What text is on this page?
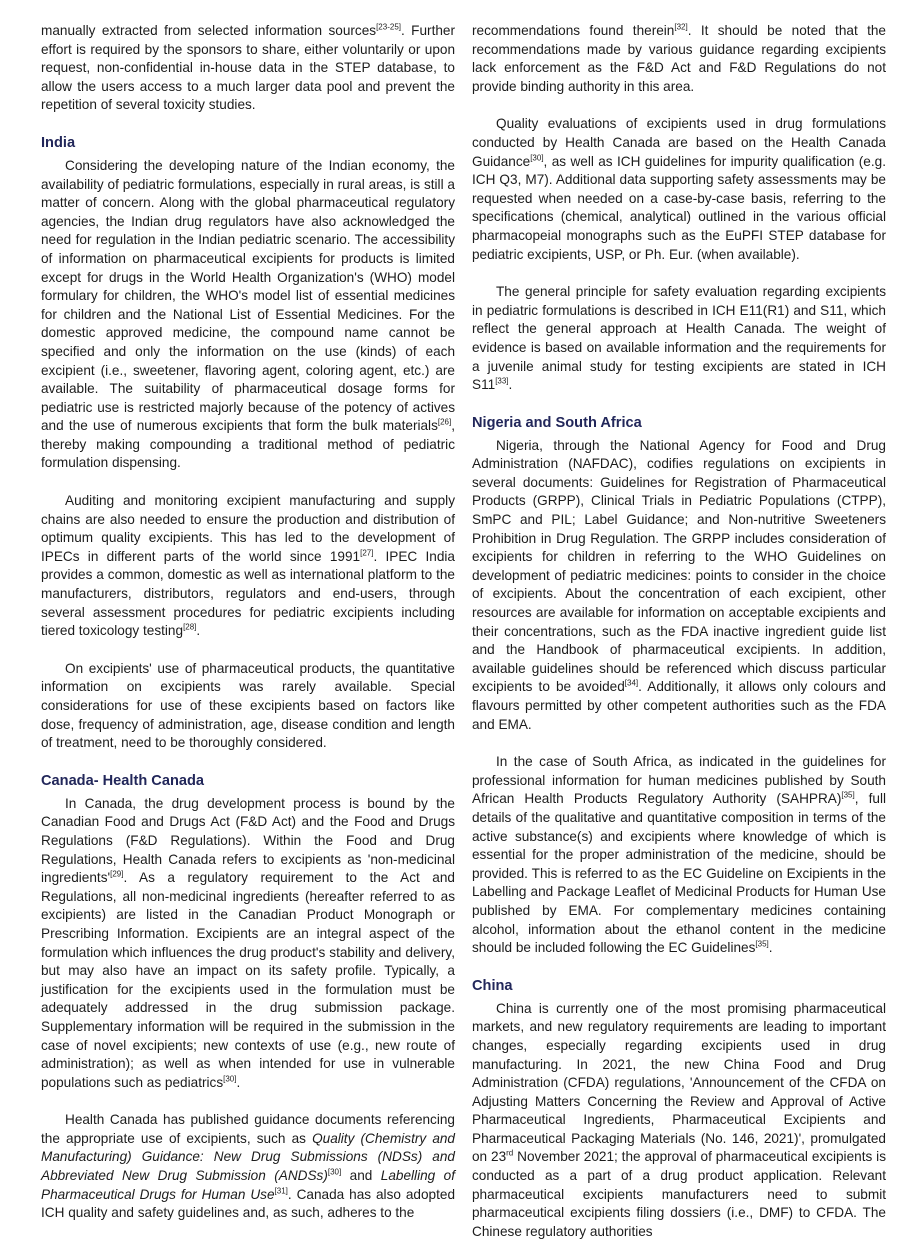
manually extracted from selected information sources[23-25]. Further effort is required by the sponsors to share, either voluntarily or upon request, non-confidential in-house data in the STEP database, to allow the users access to a much larger data pool and prevent the repetition of several toxicity studies.

India

Considering the developing nature of the Indian economy, the availability of pediatric formulations, especially in rural areas, is still a matter of concern. Along with the global pharmaceutical regulatory agencies, the Indian drug regulators have also acknowledged the need for regulation in the Indian pediatric scenario. The accessibility of information on pharmaceutical excipients for products is limited except for drugs in the World Health Organization's (WHO) model formulary for children, the WHO's model list of essential medicines for children and the National List of Essential Medicines. For the domestic approved medicine, the compound name cannot be specified and only the information on the use (kinds) of each excipient (i.e., sweetener, flavoring agent, coloring agent, etc.) are available. The suitability of pharmaceutical dosage forms for pediatric use is restricted majorly because of the potency of actives and the use of numerous excipients that form the bulk materials[26], thereby making compounding a traditional method of pediatric formulation dispensing.

Auditing and monitoring excipient manufacturing and supply chains are also needed to ensure the production and distribution of optimum quality excipients. This has led to the development of IPECs in different parts of the world since 1991[27]. IPEC India provides a common, domestic as well as international platform to the manufacturers, distributors, regulators and end-users, through several assessment procedures for pediatric excipients including tiered toxicology testing[28].

On excipients' use of pharmaceutical products, the quantitative information on excipients was rarely available. Special considerations for use of these excipients based on factors like dose, frequency of administration, age, disease condition and length of treatment, need to be thoroughly considered.

Canada- Health Canada

In Canada, the drug development process is bound by the Canadian Food and Drugs Act (F&D Act) and the Food and Drugs Regulations (F&D Regulations). Within the Food and Drug Regulations, Health Canada refers to excipients as 'non-medicinal ingredients'[29]. As a regulatory requirement to the Act and Regulations, all non-medicinal ingredients (hereafter referred to as excipients) are listed in the Canadian Product Monograph or Prescribing Information. Excipients are an integral aspect of the formulation which influences the drug product's stability and delivery, but may also have an impact on its safety profile. Typically, a justification for the excipients used in the formulation must be adequately addressed in the drug submission package. Supplementary information will be required in the submission in the case of novel excipients; new contexts of use (e.g., new route of administration); as well as when intended for use in vulnerable populations such as pediatrics[30].

Health Canada has published guidance documents referencing the appropriate use of excipients, such as Quality (Chemistry and Manufacturing) Guidance: New Drug Submissions (NDSs) and Abbreviated New Drug Submission (ANDSs)[30] and Labelling of Pharmaceutical Drugs for Human Use[31]. Canada has also adopted ICH quality and safety guidelines and, as such, adheres to the

recommendations found therein[32]. It should be noted that the recommendations made by various guidance regarding excipients lack enforcement as the F&D Act and F&D Regulations do not provide binding authority in this area.

Quality evaluations of excipients used in drug formulations conducted by Health Canada are based on the Health Canada Guidance[30], as well as ICH guidelines for impurity qualification (e.g. ICH Q3, M7). Additional data supporting safety assessments may be requested when needed on a case-by-case basis, referring to the specifications (chemical, analytical) outlined in the various official pharmacopeial monographs such as the EuPFI STEP database for pediatric excipients, USP, or Ph. Eur. (when available).

The general principle for safety evaluation regarding excipients in pediatric formulations is described in ICH E11(R1) and S11, which reflect the general approach at Health Canada. The weight of evidence is based on available information and the requirements for a juvenile animal study for testing excipients are stated in ICH S11[33].

Nigeria and South Africa

Nigeria, through the National Agency for Food and Drug Administration (NAFDAC), codifies regulations on excipients in several documents: Guidelines for Registration of Pharmaceutical Products (GRPP), Clinical Trials in Pediatric Populations (CTPP), SmPC and PIL; Label Guidance; and Non-nutritive Sweeteners Prohibition in Drug Regulation. The GRPP includes consideration of excipients for children in referring to the WHO Guidelines on development of pediatric medicines: points to consider in the choice of excipients. About the concentration of each excipient, other resources are available for information on acceptable excipients and their concentrations, such as the FDA inactive ingredient guide list and the Handbook of pharmaceutical excipients. In addition, available guidelines should be referenced which discuss particular excipients to be avoided[34]. Additionally, it allows only colours and flavours permitted by other competent authorities such as the FDA and EMA.

In the case of South Africa, as indicated in the guidelines for professional information for human medicines published by South African Health Products Regulatory Authority (SAHPRA)[35], full details of the qualitative and quantitative composition in terms of the active substance(s) and excipients where knowledge of which is essential for the proper administration of the medicine, should be provided. This is referred to as the EC Guideline on Excipients in the Labelling and Package Leaflet of Medicinal Products for Human Use published by EMA. For complementary medicines containing alcohol, information about the ethanol content in the medicine should be included following the EC Guidelines[35].

China

China is currently one of the most promising pharmaceutical markets, and new regulatory requirements are leading to important changes, especially regarding excipients used in drug manufacturing. In 2021, the new China Food and Drug Administration (CFDA) regulations, 'Announcement of the CFDA on Adjusting Matters Concerning the Review and Approval of Active Pharmaceutical Ingredients, Pharmaceutical Excipients and Pharmaceutical Packaging Materials (No. 146, 2021)', promulgated on 23rd November 2021; the approval of pharmaceutical excipients is conducted as a part of a drug product application. Relevant pharmaceutical excipients manufacturers need to submit pharmaceutical excipients filing dossiers (i.e., DMF) to CFDA. The Chinese regulatory authorities
